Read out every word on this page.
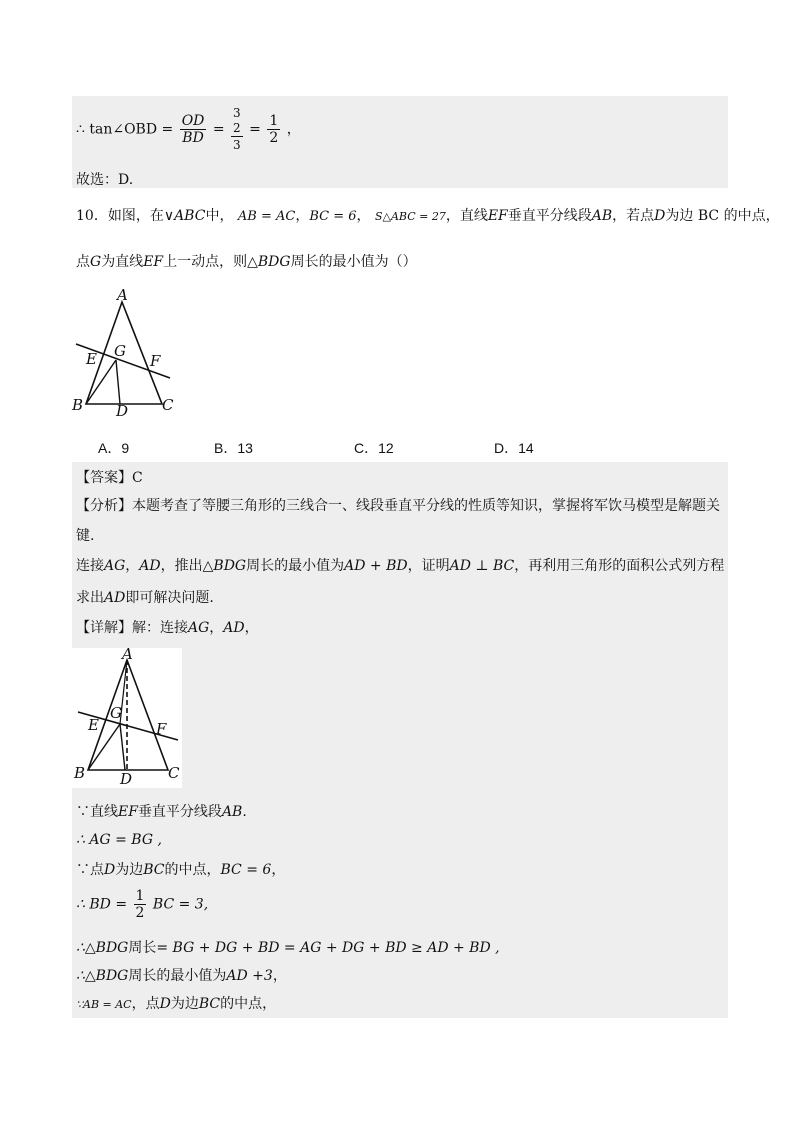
∴ tan∠OBD = $\frac{OD}{BD}$ =
3
2
3
= $\frac{1}{2}$ ，
故选：D.
10．如图，在∨ABC中， AB = AC，BC = 6， S△ABC = 27，直线EF垂直平分线段AB，若点D为边 BC 的中点，
点G为直线EF上一动点，则△BDG周长的最小值为（）
A
E G
F
B D C
A．9	B．13	C．12	D．14
【答案】C
【分析】本题考查了等腰三角形的三线合一、线段垂直平分线的性质等知识，掌握将军饮马模型是解题关
键.
连接AG，AD，推出△BDG周长的最小值为AD + BD，证明AD ⊥ BC，再利用三角形的面积公式列方程
求出AD即可解决问题.
【详解】解：连接AG，AD，
A
E
G
F
B D C
∵直线EF垂直平分线段AB.
∴ AG = BG ,
∵点D为边BC的中点，BC = 6，
∴ BD = $\frac{1}{2}$ BC = 3,
∴△BDG周长= BG + DG + BD = AG + DG + BD ≥ AD + BD ,
∴△BDG周长的最小值为AD +3，
∵AB = AC，点D为边BC的中点，
